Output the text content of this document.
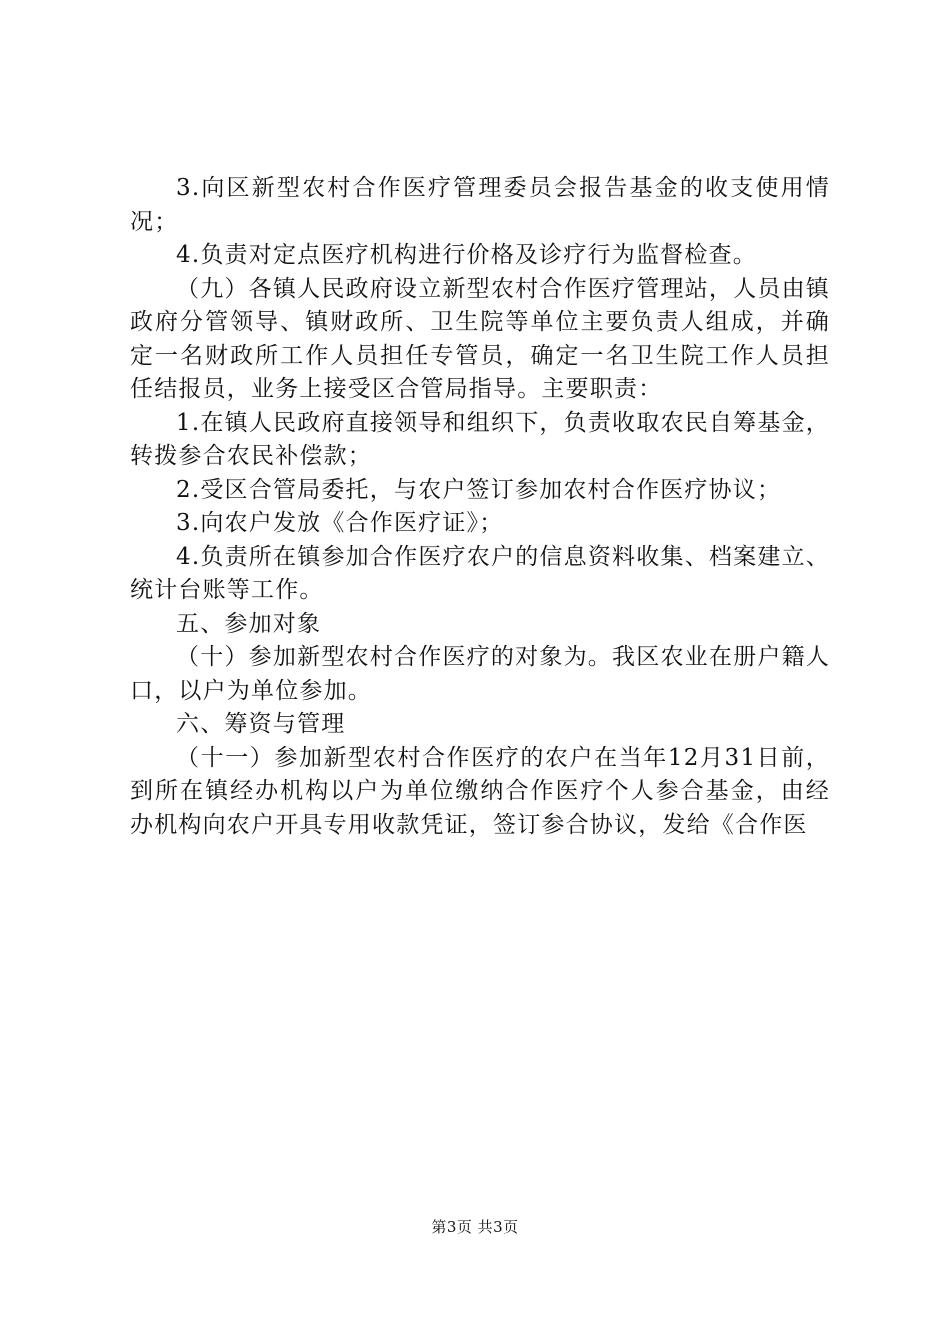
3.向区新型农村合作医疗管理委员会报告基金的收支使用情况；

4.负责对定点医疗机构进行价格及诊疗行为监督检查。

（九）各镇人民政府设立新型农村合作医疗管理站，人员由镇政府分管领导、镇财政所、卫生院等单位主要负责人组成，并确定一名财政所工作人员担任专管员，确定一名卫生院工作人员担任结报员，业务上接受区合管局指导。主要职责：

1.在镇人民政府直接领导和组织下，负责收取农民自筹基金，转拨参合农民补偿款；

2.受区合管局委托，与农户签订参加农村合作医疗协议；

3.向农户发放《合作医疗证》；

4.负责所在镇参加合作医疗农户的信息资料收集、档案建立、统计台账等工作。

五、参加对象

（十）参加新型农村合作医疗的对象为。我区农业在册户籍人口，以户为单位参加。

六、筹资与管理

（十一）参加新型农村合作医疗的农户在当年12月31日前，到所在镇经办机构以户为单位缴纳合作医疗个人参合基金，由经办机构向农户开具专用收款凭证，签订参合协议，发给《合作医

第3页 共3页
